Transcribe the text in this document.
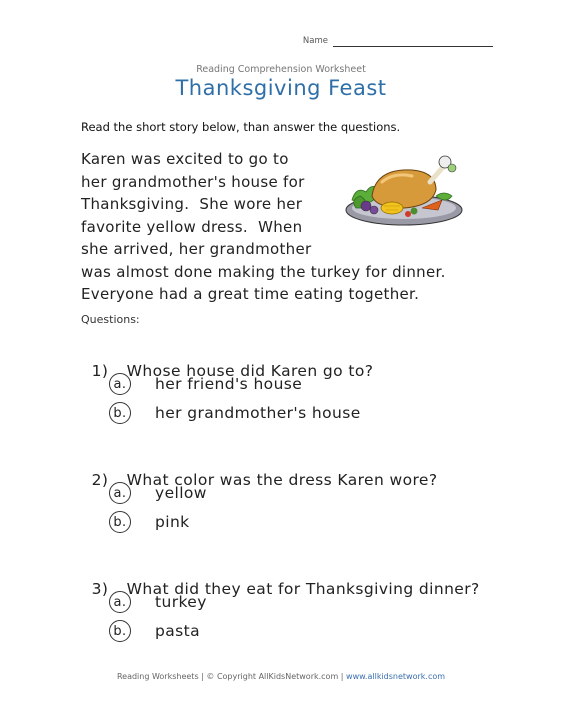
Name
Reading Comprehension Worksheet
Thanksgiving Feast
Read the short story below, than answer the questions.
Karen was excited to go to
her grandmother's house for
Thanksgiving.  She wore her
favorite yellow dress.  When
she arrived, her grandmother
was almost done making the turkey for dinner.
Everyone had a great time eating together.
Questions:

1) Whose house did Karen go to?

a. her friend's house
b. her grandmother's house

2) What color was the dress Karen wore?

a. yellow
b. pink

3) What did they eat for Thanksgiving dinner?

a. turkey
b. pasta
Reading Worksheets | © Copyright AllKidsNetwork.com | www.allkidsnetwork.com
